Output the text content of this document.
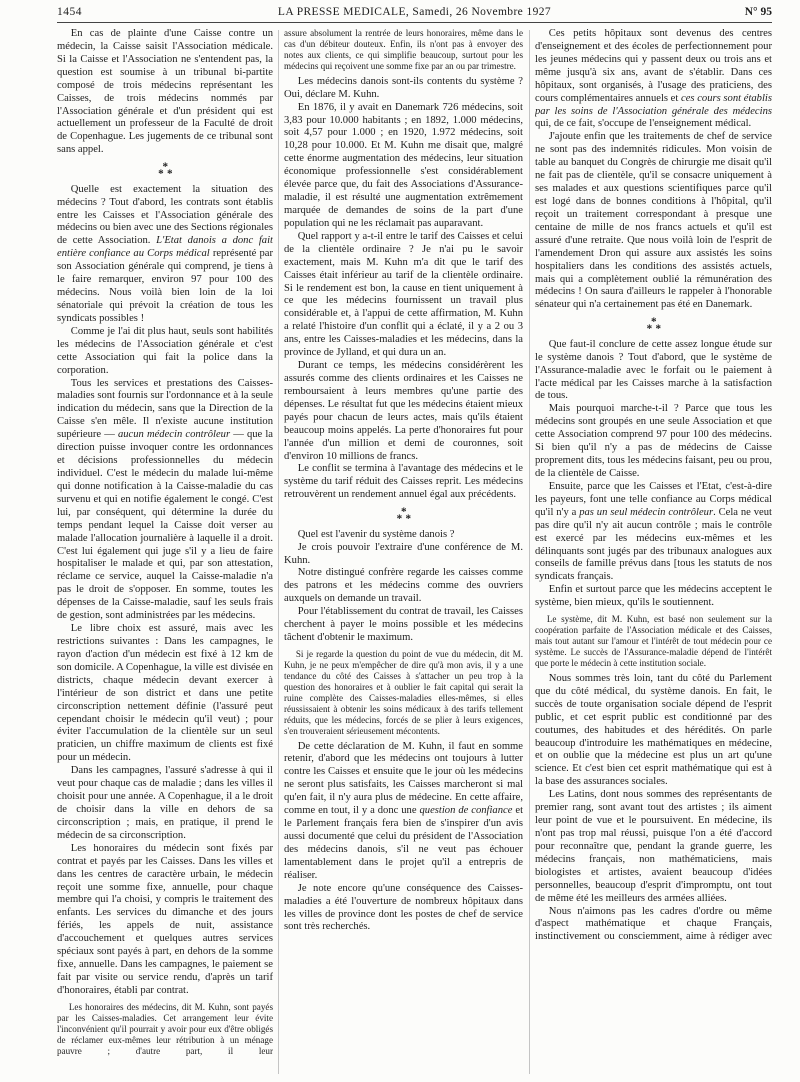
1454	LA PRESSE MEDICALE, Samedi, 26 Novembre 1927	N° 95

En cas de plainte d'une Caisse contre un médecin, la Caisse saisit l'Association médicale. Si la Caisse et l'Association ne s'entendent pas, la question est soumise à un tribunal bi-partite composé de trois médecins représentant les Caisses, de trois médecins nommés par l'Association générale et d'un président qui est actuellement un professeur de la Faculté de droit de Copenhague. Les jugements de ce tribunal sont sans appel.

*
*
*

Quelle est exactement la situation des médecins ? Tout d'abord, les contrats sont établis entre les Caisses et l'Association générale des médecins ou bien avec une des Sections régionales de cette Association. L'Etat danois a donc fait entière confiance au Corps médical représenté par son Association générale qui comprend, je tiens à le faire remarquer, environ 97 pour 100 des médecins. Nous voilà bien loin de la loi sénatoriale qui prévoit la création de tous les syndicats possibles !

Comme je l'ai dit plus haut, seuls sont habilités les médecins de l'Association générale et c'est cette Association qui fait la police dans la corporation.

Tous les services et prestations des Caisses-maladies sont fournis sur l'ordonnance et à la seule indication du médecin, sans que la Direction de la Caisse s'en mêle. Il n'existe aucune institution supérieure — aucun médecin contrôleur — que la direction puisse invoquer contre les ordonnances et décisions professionnelles du médecin individuel. C'est le médecin du malade lui-même qui donne notification à la Caisse-maladie du cas survenu et qui en notifie également le congé. C'est lui, par conséquent, qui détermine la durée du temps pendant lequel la Caisse doit verser au malade l'allocation journalière à laquelle il a droit. C'est lui également qui juge s'il y a lieu de faire hospitaliser le malade et qui, par son attestation, réclame ce service, auquel la Caisse-maladie n'a pas le droit de s'opposer. En somme, toutes les dépenses de la Caisse-maladie, sauf les seuls frais de gestion, sont administrées par les médecins.

Le libre choix est assuré, mais avec les restrictions suivantes : Dans les campagnes, le rayon d'action d'un médecin est fixé à 12 km de son domicile. A Copenhague, la ville est divisée en districts, chaque médecin devant exercer à l'intérieur de son district et dans une petite circonscription nettement définie (l'assuré peut cependant choisir le médecin qu'il veut) ; pour éviter l'accumulation de la clientèle sur un seul praticien, un chiffre maximum de clients est fixé pour un médecin.

Dans les campagnes, l'assuré s'adresse à qui il veut pour chaque cas de maladie ; dans les villes il choisit pour une année. A Copenhague, il a le droit de choisir dans la ville en dehors de sa circonscription ; mais, en pratique, il prend le médecin de sa circonscription.

Les honoraires du médecin sont fixés par contrat et payés par les Caisses. Dans les villes et dans les centres de caractère urbain, le médecin reçoit une somme fixe, annuelle, pour chaque membre qui l'a choisi, y compris le traitement des enfants. Les services du dimanche et des jours fériés, les appels de nuit, assistance d'accouchement et quelques autres services spéciaux sont payés à part, en dehors de la somme fixe, annuelle. Dans les campagnes, le paiement se fait par visite ou service rendu, d'après un tarif d'honoraires, établi par contrat.

Les honoraires des médecins, dit M. Kuhn, sont payés par les Caisses-maladies. Cet arrangement leur évite l'inconvénient qu'il pourrait y avoir pour eux d'être obligés de réclamer eux-mêmes leur rétribution à un ménage pauvre ; d'autre part, il leur

assure absolument la rentrée de leurs honoraires, même dans le cas d'un débiteur douteux. Enfin, ils n'ont pas à envoyer des notes aux clients, ce qui simplifie beaucoup, surtout pour les médecins qui reçoivent une somme fixe par an ou par trimestre.

Les médecins danois sont-ils contents du système ? Oui, déclare M. Kuhn.

En 1876, il y avait en Danemark 726 médecins, soit 3,83 pour 10.000 habitants ; en 1892, 1.000 médecins, soit 4,57 pour 1.000 ; en 1920, 1.972 médecins, soit 10,28 pour 10.000. Et M. Kuhn me disait que, malgré cette énorme augmentation des médecins, leur situation économique professionnelle s'est considérablement élevée parce que, du fait des Associations d'Assurance-maladie, il est résulté une augmentation extrêmement marquée de demandes de soins de la part d'une population qui ne les réclamait pas auparavant.

Quel rapport y a-t-il entre le tarif des Caisses et celui de la clientèle ordinaire ? Je n'ai pu le savoir exactement, mais M. Kuhn m'a dit que le tarif des Caisses était inférieur au tarif de la clientèle ordinaire. Si le rendement est bon, la cause en tient uniquement à ce que les médecins fournissent un travail plus considérable et, à l'appui de cette affirmation, M. Kuhn a relaté l'histoire d'un conflit qui a éclaté, il y a 2 ou 3 ans, entre les Caisses-maladies et les médecins, dans la province de Jylland, et qui dura un an.

Durant ce temps, les médecins considérèrent les assurés comme des clients ordinaires et les Caisses ne remboursaient à leurs membres qu'une partie des dépenses. Le résultat fut que les médecins étaient mieux payés pour chacun de leurs actes, mais qu'ils étaient beaucoup moins appelés. La perte d'honoraires fut pour l'année d'un million et demi de couronnes, soit d'environ 10 millions de francs.

Le conflit se termina à l'avantage des médecins et le système du tarif réduit des Caisses reprit. Les médecins retrouvèrent un rendement annuel égal aux précédents.

*
*
*

Quel est l'avenir du système danois ?

Je crois pouvoir l'extraire d'une conférence de M. Kuhn.

Notre distingué confrère regarde les caisses comme des patrons et les médecins comme des ouvriers auxquels on demande un travail.

Pour l'établissement du contrat de travail, les Caisses cherchent à payer le moins possible et les médecins tâchent d'obtenir le maximum.

Si je regarde la question du point de vue du médecin, dit M. Kuhn, je ne peux m'empêcher de dire qu'à mon avis, il y a une tendance du côté des Caisses à s'attacher un peu trop à la question des honoraires et à oublier le fait capital qui serait la ruine complète des Caisses-maladies elles-mêmes, si elles réussissaient à obtenir les soins médicaux à des tarifs tellement réduits, que les médecins, forcés de se plier à leurs exigences, s'en trouveraient sérieusement mécontents.

De cette déclaration de M. Kuhn, il faut en somme retenir, d'abord que les médecins ont toujours à lutter contre les Caisses et ensuite que le jour où les médecins ne seront plus satisfaits, les Caisses marcheront si mal qu'en fait, il n'y aura plus de médecine. En cette affaire, comme en tout, il y a donc une question de confiance et le Parlement français fera bien de s'inspirer d'un avis aussi documenté que celui du président de l'Association des médecins danois, s'il ne veut pas échouer lamentablement dans le projet qu'il a entrepris de réaliser.

Je note encore qu'une conséquence des Caisses-maladies a été l'ouverture de nombreux hôpitaux dans les villes de province dont les postes de chef de service sont très recherchés.

Ces petits hôpitaux sont devenus des centres d'enseignement et des écoles de perfectionnement pour les jeunes médecins qui y passent deux ou trois ans et même jusqu'à six ans, avant de s'établir. Dans ces hôpitaux, sont organisés, à l'usage des praticiens, des cours complémentaires annuels et ces cours sont établis par les soins de l'Association générale des médecins qui, de ce fait, s'occupe de l'enseignement médical.

J'ajoute enfin que les traitements de chef de service ne sont pas des indemnités ridicules. Mon voisin de table au banquet du Congrès de chirurgie me disait qu'il ne fait pas de clientèle, qu'il se consacre uniquement à ses malades et aux questions scientifiques parce qu'il est logé dans de bonnes conditions à l'hôpital, qu'il reçoit un traitement correspondant à presque une centaine de mille de nos francs actuels et qu'il est assuré d'une retraite. Que nous voilà loin de l'esprit de l'amendement Dron qui assure aux assistés les soins hospitaliers dans les conditions des assistés actuels, mais qui a complètement oublié la rémunération des médecins ! On saura d'ailleurs le rappeler à l'honorable sénateur qui n'a certainement pas été en Danemark.

*
*
*

Que faut-il conclure de cette assez longue étude sur le système danois ? Tout d'abord, que le système de l'Assurance-maladie avec le forfait ou le paiement à l'acte médical par les Caisses marche à la satisfaction de tous.

Mais pourquoi marche-t-il ? Parce que tous les médecins sont groupés en une seule Association et que cette Association comprend 97 pour 100 des médecins. Si bien qu'il n'y a pas de médecins de Caisse proprement dits, tous les médecins faisant, peu ou prou, de la clientèle de Caisse.

Ensuite, parce que les Caisses et l'Etat, c'est-à-dire les payeurs, font une telle confiance au Corps médical qu'il n'y a pas un seul médecin contrôleur. Cela ne veut pas dire qu'il n'y ait aucun contrôle ; mais le contrôle est exercé par les médecins eux-mêmes et les délinquants sont jugés par des tribunaux analogues aux conseils de famille prévus dans [tous les statuts de nos syndicats français.

Enfin et surtout parce que les médecins acceptent le système, bien mieux, qu'ils le soutiennent.

Le système, dit M. Kuhn, est basé non seulement sur la coopération parfaite de l'Association médicale et des Caisses, mais tout autant sur l'amour et l'intérêt de tout médecin pour ce système. Le succès de l'Assurance-maladie dépend de l'intérêt que porte le médecin à cette institution sociale.

Nous sommes très loin, tant du côté du Parlement que du côté médical, du système danois. En fait, le succès de toute organisation sociale dépend de l'esprit public, et cet esprit public est conditionné par des coutumes, des habitudes et des hérédités. On parle beaucoup d'introduire les mathématiques en médecine, et on oublie que la médecine est plus un art qu'une science. Et c'est bien cet esprit mathématique qui est à la base des assurances sociales.

Les Latins, dont nous sommes des représentants de premier rang, sont avant tout des artistes ; ils aiment leur point de vue et le poursuivent. En médecine, ils n'ont pas trop mal réussi, puisque l'on a été d'accord pour reconnaître que, pendant la grande guerre, les médecins français, non mathématiciens, mais biologistes et artistes, avaient beaucoup d'idées personnelles, beaucoup d'esprit d'impromptu, ont tout de même été les meilleurs des armées alliées.

Nous n'aimons pas les cadres d'ordre ou même d'aspect mathématique et chaque Français, instinctivement ou consciemment, aime à rédiger avec
